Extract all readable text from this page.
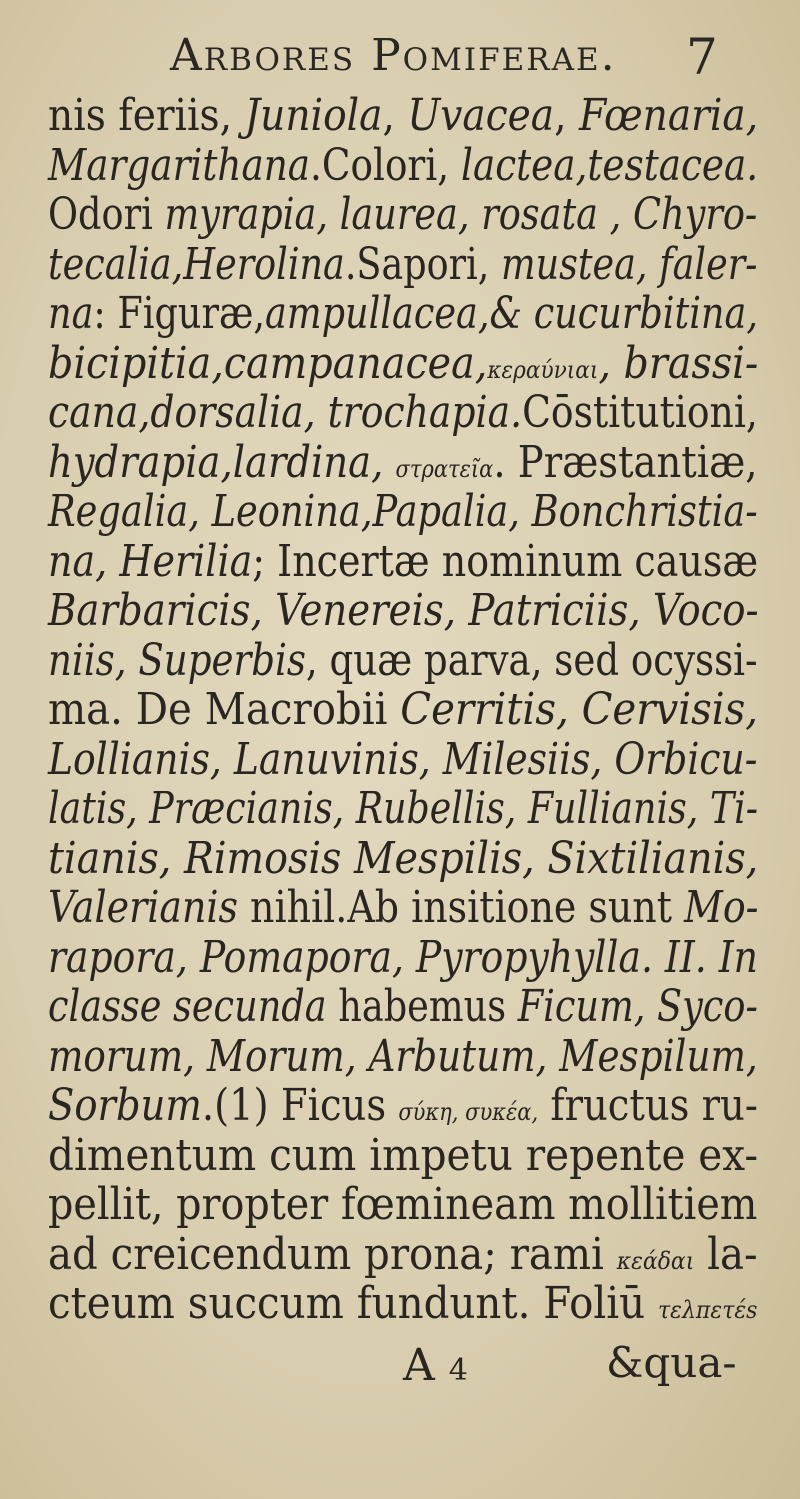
Arbores Pomiferae. 7
nis feriis, Juniola, Uvacea, Fœnaria,
Margarithana.Colori, lactea,testacea.
Odori myrapia, laurea, rosata , Chyro-
tecalia,Herolina.Sapori, mustea, faler-
na: Figuræ,ampullacea,& cucurbitina,
bicipitia,campanacea,κεραύνιαι, brassi-
cana,dorsalia, trochapia.Cōstitutioni,
hydrapia,lardina, στρατεῖα. Præstantiæ,
Regalia, Leonina,Papalia, Bonchristia-
na, Herilia; Incertæ nominum causæ
Barbaricis, Venereis, Patriciis, Voco-
niis, Superbis, quæ parva, sed ocyssi-
ma. De Macrobii Cerritis, Cervisis,
Lollianis, Lanuvinis, Milesiis, Orbicu-
latis, Præcianis, Rubellis, Fullianis, Ti-
tianis, Rimosis Mespilis, Sixtilianis,
Valerianis nihil.Ab insitione sunt Mo-
rapora, Pomapora, Pyropyhylla. II. In
classe secunda habemus Ficum, Syco-
morum, Morum, Arbutum, Mespilum,
Sorbum.(1) Ficus σύκη, συκέα, fructus ru-
dimentum cum impetu repente ex-
pellit, propter fœmineam mollitiem
ad creicendum prona; rami κεάδαι la-
ctеum succum fundunt. Foliū τελπετέs
A 4	&qua-
